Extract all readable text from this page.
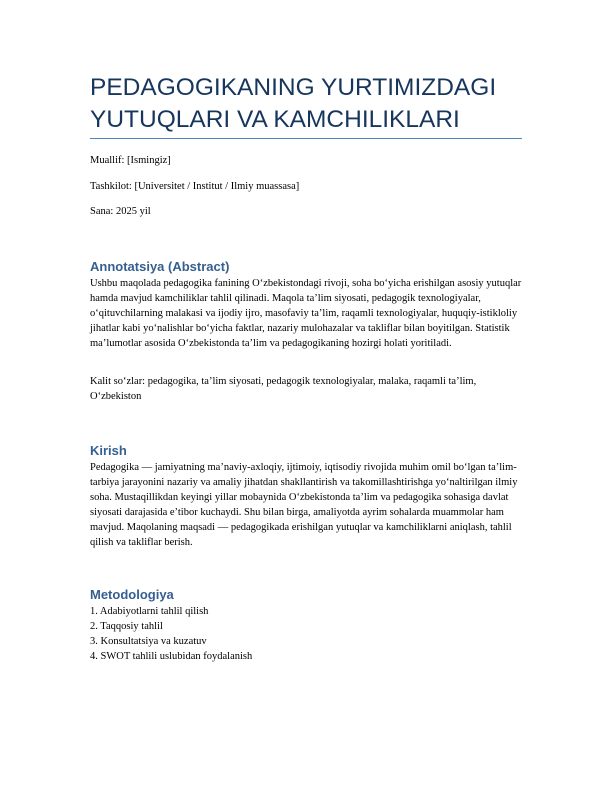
PEDAGOGIKANING YURTIMIZDAGI YUTUQLARI VA KAMCHILIKLARI

Muallif: [Ismingiz]

Tashkilot: [Universitet / Institut / Ilmiy muassasa]

Sana: 2025 yil

Annotatsiya (Abstract)

Ushbu maqolada pedagogika fanining O‘zbekistondagi rivoji, soha bo‘yicha erishilgan asosiy yutuqlar hamda mavjud kamchiliklar tahlil qilinadi. Maqola ta’lim siyosati, pedagogik texnologiyalar, o‘qituvchilarning malakasi va ijodiy ijro, masofaviy ta’lim, raqamli texnologiyalar, huquqiy-istikloliy jihatlar kabi yo‘nalishlar bo‘yicha faktlar, nazariy mulohazalar va takliflar bilan boyitilgan. Statistik ma’lumotlar asosida O‘zbekistonda ta’lim va pedagogikaning hozirgi holati yoritiladi.

Kalit so‘zlar: pedagogika, ta’lim siyosati, pedagogik texnologiyalar, malaka, raqamli ta’lim, O‘zbekiston

Kirish

Pedagogika — jamiyatning ma’naviy-axloqiy, ijtimoiy, iqtisodiy rivojida muhim omil bo‘lgan ta’lim-tarbiya jarayonini nazariy va amaliy jihatdan shakllantirish va takomillashtirishga yo‘naltirilgan ilmiy soha. Mustaqillikdan keyingi yillar mobaynida O‘zbekistonda ta’lim va pedagogika sohasiga davlat siyosati darajasida e’tibor kuchaydi. Shu bilan birga, amaliyotda ayrim sohalarda muammolar ham mavjud. Maqolaning maqsadi — pedagogikada erishilgan yutuqlar va kamchiliklarni aniqlash, tahlil qilish va takliflar berish.

Metodologiya
1. Adabiyotlarni tahlil qilish
2. Taqqosiy tahlil
3. Konsultatsiya va kuzatuv
4. SWOT tahlili uslubidan foydalanish
